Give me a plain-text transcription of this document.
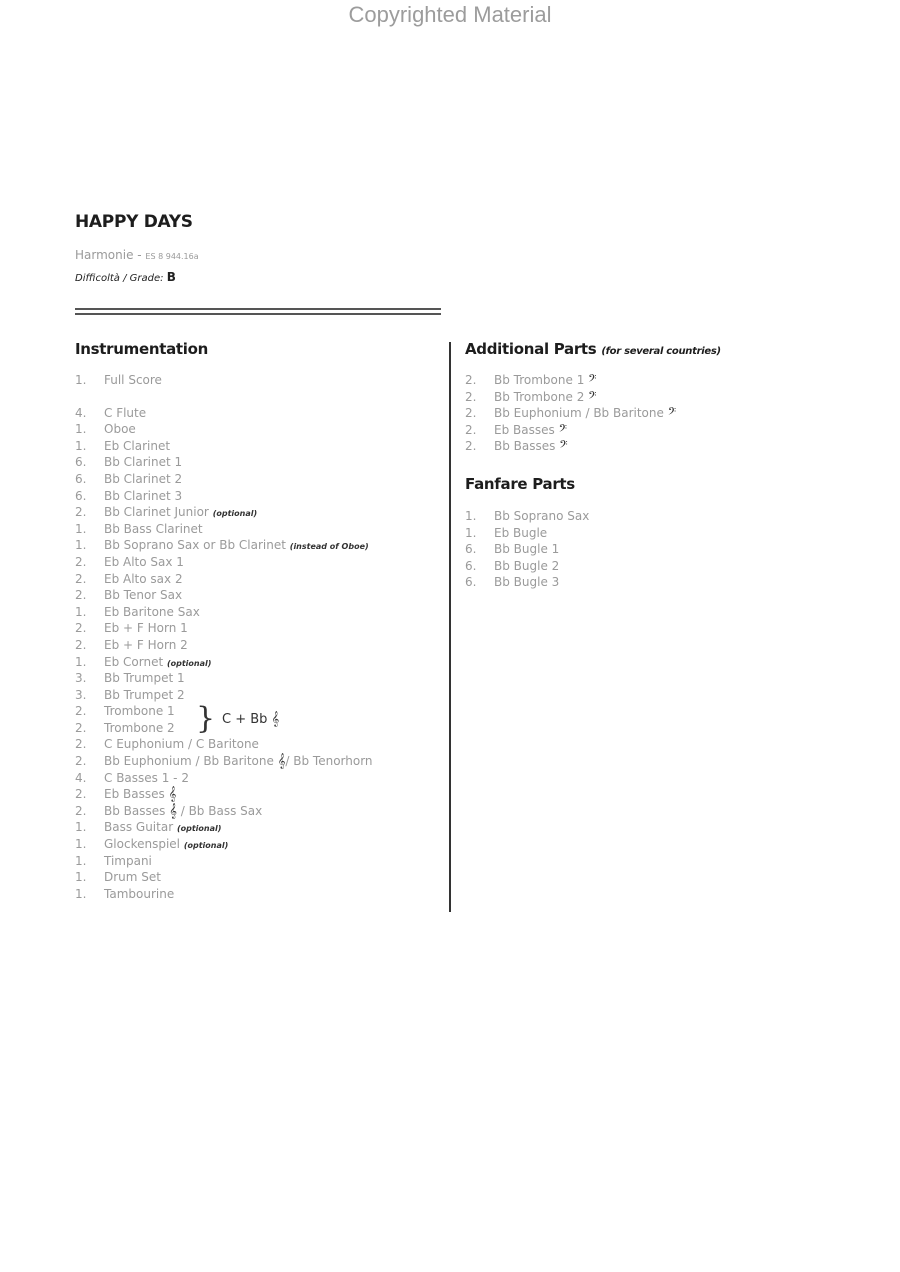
Copyrighted Material
HAPPY DAYS
Harmonie - ES 8 944.16a
Difficoltà / Grade: B
Instrumentation
1. Full Score
4. C Flute
1. Oboe
1. Eb Clarinet
6. Bb Clarinet 1
6. Bb Clarinet 2
6. Bb Clarinet 3
2. Bb Clarinet Junior (optional)
1. Bb Bass Clarinet
1. Bb Soprano Sax or Bb Clarinet (instead of Oboe)
2. Eb Alto Sax 1
2. Eb Alto sax 2
2. Bb Tenor Sax
1. Eb Baritone Sax
2. Eb + F Horn 1
2. Eb + F Horn 2
1. Eb Cornet (optional)
3. Bb Trumpet 1
3. Bb Trumpet 2
2. Trombone 1
2. Trombone 2
2. C Euphonium / C Baritone
2. Bb Euphonium / Bb Baritone 𝄞/ Bb Tenorhorn
4. C Basses 1 - 2
2. Eb Basses 𝄞
2. Bb Basses 𝄞 / Bb Bass Sax
1. Bass Guitar (optional)
1. Glockenspiel (optional)
1. Timpani
1. Drum Set
1. Tambourine
} C + Bb 𝄞
Additional Parts (for several countries)
2. Bb Trombone 1 𝄢
2. Bb Trombone 2 𝄢
2. Bb Euphonium / Bb Baritone 𝄢
2. Eb Basses 𝄢
2. Bb Basses 𝄢
Fanfare Parts
1. Bb Soprano Sax
1. Eb Bugle
6. Bb Bugle 1
6. Bb Bugle 2
6. Bb Bugle 3
